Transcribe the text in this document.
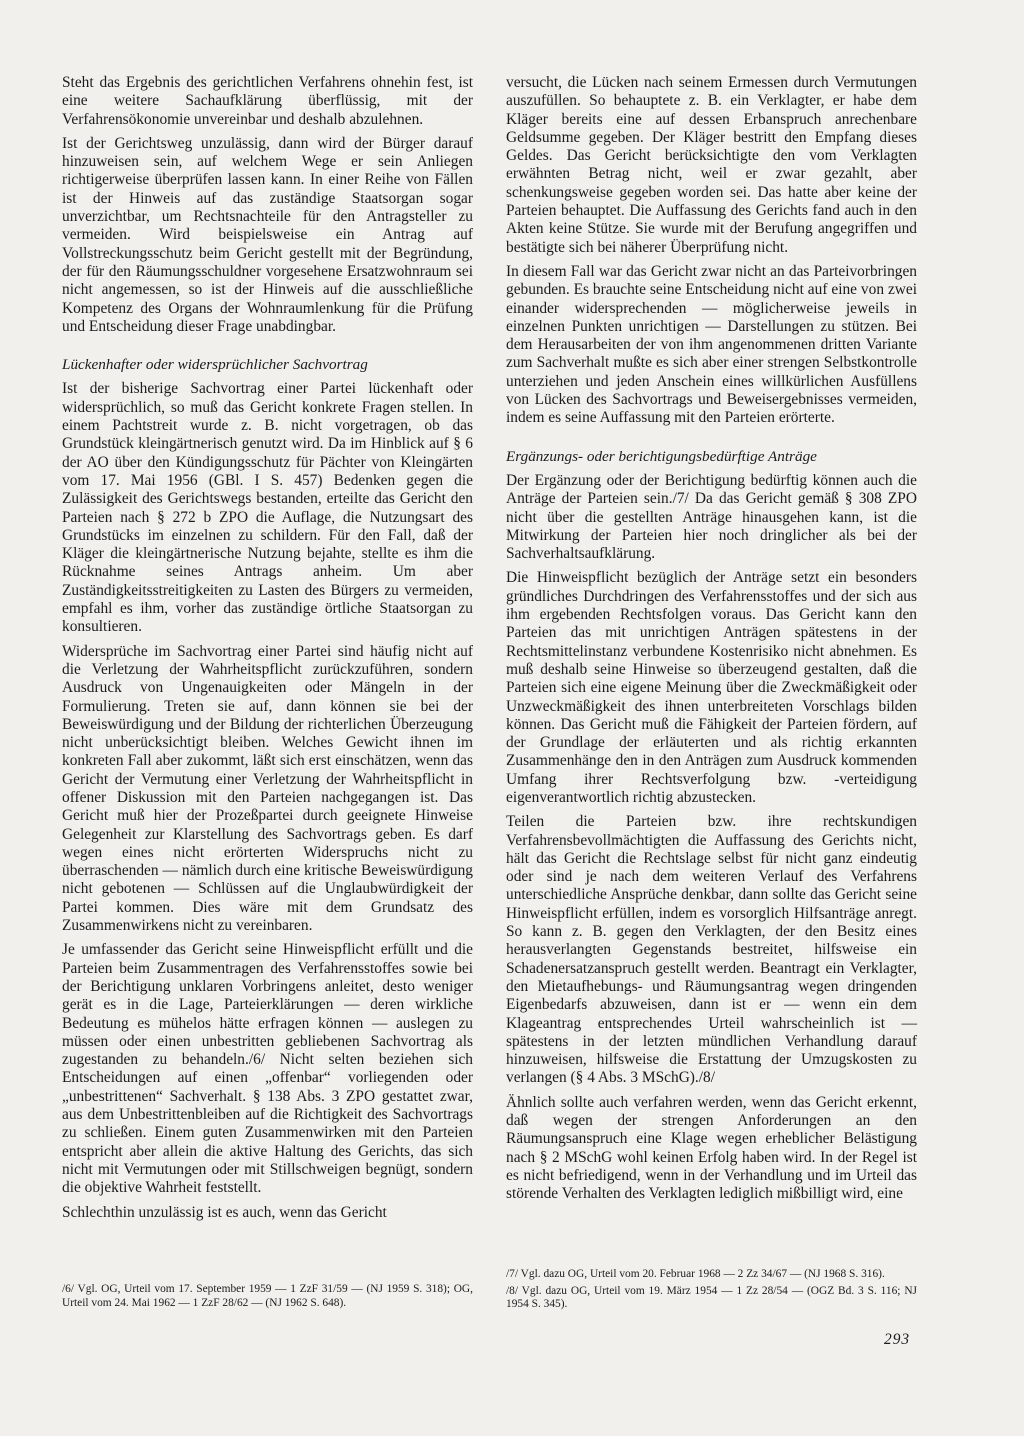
Steht das Ergebnis des gerichtlichen Verfahrens ohnehin fest, ist eine weitere Sachaufklärung überflüssig, mit der Verfahrensökonomie unvereinbar und deshalb abzulehnen.

Ist der Gerichtsweg unzulässig, dann wird der Bürger darauf hinzuweisen sein, auf welchem Wege er sein Anliegen richtigerweise überprüfen lassen kann. In einer Reihe von Fällen ist der Hinweis auf das zuständige Staatsorgan sogar unverzichtbar, um Rechtsnachteile für den Antragsteller zu vermeiden. Wird beispielsweise ein Antrag auf Vollstreckungsschutz beim Gericht gestellt mit der Begründung, der für den Räumungsschuldner vorgesehene Ersatzwohnraum sei nicht angemessen, so ist der Hinweis auf die ausschließliche Kompetenz des Organs der Wohnraumlenkung für die Prüfung und Entscheidung dieser Frage unabdingbar.

Lückenhafter oder widersprüchlicher Sachvortrag

Ist der bisherige Sachvortrag einer Partei lückenhaft oder widersprüchlich, so muß das Gericht konkrete Fragen stellen. In einem Pachtstreit wurde z. B. nicht vorgetragen, ob das Grundstück kleingärtnerisch genutzt wird. Da im Hinblick auf § 6 der AO über den Kündigungsschutz für Pächter von Kleingärten vom 17. Mai 1956 (GBl. I S. 457) Bedenken gegen die Zulässigkeit des Gerichtswegs bestanden, erteilte das Gericht den Parteien nach § 272 b ZPO die Auflage, die Nutzungsart des Grundstücks im einzelnen zu schildern. Für den Fall, daß der Kläger die kleingärtnerische Nutzung bejahte, stellte es ihm die Rücknahme seines Antrags anheim. Um aber Zuständigkeitsstreitigkeiten zu Lasten des Bürgers zu vermeiden, empfahl es ihm, vorher das zuständige örtliche Staatsorgan zu konsultieren.

Widersprüche im Sachvortrag einer Partei sind häufig nicht auf die Verletzung der Wahrheitspflicht zurückzuführen, sondern Ausdruck von Ungenauigkeiten oder Mängeln in der Formulierung. Treten sie auf, dann können sie bei der Beweiswürdigung und der Bildung der richterlichen Überzeugung nicht unberücksichtigt bleiben. Welches Gewicht ihnen im konkreten Fall aber zukommt, läßt sich erst einschätzen, wenn das Gericht der Vermutung einer Verletzung der Wahrheitspflicht in offener Diskussion mit den Parteien nachgegangen ist. Das Gericht muß hier der Prozeßpartei durch geeignete Hinweise Gelegenheit zur Klarstellung des Sachvortrags geben. Es darf wegen eines nicht erörterten Widerspruchs nicht zu überraschenden — nämlich durch eine kritische Beweiswürdigung nicht gebotenen — Schlüssen auf die Unglaubwürdigkeit der Partei kommen. Dies wäre mit dem Grundsatz des Zusammenwirkens nicht zu vereinbaren.

Je umfassender das Gericht seine Hinweispflicht erfüllt und die Parteien beim Zusammentragen des Verfahrensstoffes sowie bei der Berichtigung unklaren Vorbringens anleitet, desto weniger gerät es in die Lage, Parteierklärungen — deren wirkliche Bedeutung es mühelos hätte erfragen können — auslegen zu müssen oder einen unbestritten gebliebenen Sachvortrag als zugestanden zu behandeln./6/ Nicht selten beziehen sich Entscheidungen auf einen „offenbar“ vorliegenden oder „unbestrittenen“ Sachverhalt. § 138 Abs. 3 ZPO gestattet zwar, aus dem Unbestrittenbleiben auf die Richtigkeit des Sachvortrags zu schließen. Einem guten Zusammenwirken mit den Parteien entspricht aber allein die aktive Haltung des Gerichts, das sich nicht mit Vermutungen oder mit Stillschweigen begnügt, sondern die objektive Wahrheit feststellt.

Schlechthin unzulässig ist es auch, wenn das Gericht

/6/ Vgl. OG, Urteil vom 17. September 1959 — 1 ZzF 31/59 — (NJ 1959 S. 318); OG, Urteil vom 24. Mai 1962 — 1 ZzF 28/62 — (NJ 1962 S. 648).

versucht, die Lücken nach seinem Ermessen durch Vermutungen auszufüllen. So behauptete z. B. ein Verklagter, er habe dem Kläger bereits eine auf dessen Erbanspruch anrechenbare Geldsumme gegeben. Der Kläger bestritt den Empfang dieses Geldes. Das Gericht berücksichtigte den vom Verklagten erwähnten Betrag nicht, weil er zwar gezahlt, aber schenkungsweise gegeben worden sei. Das hatte aber keine der Parteien behauptet. Die Auffassung des Gerichts fand auch in den Akten keine Stütze. Sie wurde mit der Berufung angegriffen und bestätigte sich bei näherer Überprüfung nicht.

In diesem Fall war das Gericht zwar nicht an das Parteivorbringen gebunden. Es brauchte seine Entscheidung nicht auf eine von zwei einander widersprechenden — möglicherweise jeweils in einzelnen Punkten unrichtigen — Darstellungen zu stützen. Bei dem Herausarbeiten der von ihm angenommenen dritten Variante zum Sachverhalt mußte es sich aber einer strengen Selbstkontrolle unterziehen und jeden Anschein eines willkürlichen Ausfüllens von Lücken des Sachvortrags und Beweisergebnisses vermeiden, indem es seine Auffassung mit den Parteien erörterte.

Ergänzungs- oder berichtigungsbedürftige Anträge

Der Ergänzung oder der Berichtigung bedürftig können auch die Anträge der Parteien sein./7/ Da das Gericht gemäß § 308 ZPO nicht über die gestellten Anträge hinausgehen kann, ist die Mitwirkung der Parteien hier noch dringlicher als bei der Sachverhaltsaufklärung.

Die Hinweispflicht bezüglich der Anträge setzt ein besonders gründliches Durchdringen des Verfahrensstoffes und der sich aus ihm ergebenden Rechtsfolgen voraus. Das Gericht kann den Parteien das mit unrichtigen Anträgen spätestens in der Rechtsmittelinstanz verbundene Kostenrisiko nicht abnehmen. Es muß deshalb seine Hinweise so überzeugend gestalten, daß die Parteien sich eine eigene Meinung über die Zweckmäßigkeit oder Unzweckmäßigkeit des ihnen unterbreiteten Vorschlags bilden können. Das Gericht muß die Fähigkeit der Parteien fördern, auf der Grundlage der erläuterten und als richtig erkannten Zusammenhänge den in den Anträgen zum Ausdruck kommenden Umfang ihrer Rechtsverfolgung bzw. -verteidigung eigenverantwortlich richtig abzustecken.

Teilen die Parteien bzw. ihre rechtskundigen Verfahrensbevollmächtigten die Auffassung des Gerichts nicht, hält das Gericht die Rechtslage selbst für nicht ganz eindeutig oder sind je nach dem weiteren Verlauf des Verfahrens unterschiedliche Ansprüche denkbar, dann sollte das Gericht seine Hinweispflicht erfüllen, indem es vorsorglich Hilfsanträge anregt. So kann z. B. gegen den Verklagten, der den Besitz eines herausverlangten Gegenstands bestreitet, hilfsweise ein Schadenersatzanspruch gestellt werden. Beantragt ein Verklagter, den Mietaufhebungs- und Räumungsantrag wegen dringenden Eigenbedarfs abzuweisen, dann ist er — wenn ein dem Klageantrag entsprechendes Urteil wahrscheinlich ist — spätestens in der letzten mündlichen Verhandlung darauf hinzuweisen, hilfsweise die Erstattung der Umzugskosten zu verlangen (§ 4 Abs. 3 MSchG)./8/

Ähnlich sollte auch verfahren werden, wenn das Gericht erkennt, daß wegen der strengen Anforderungen an den Räumungsanspruch eine Klage wegen erheblicher Belästigung nach § 2 MSchG wohl keinen Erfolg haben wird. In der Regel ist es nicht befriedigend, wenn in der Verhandlung und im Urteil das störende Verhalten des Verklagten lediglich mißbilligt wird, eine

/7/ Vgl. dazu OG, Urteil vom 20. Februar 1968 — 2 Zz 34/67 — (NJ 1968 S. 316).
/8/ Vgl. dazu OG, Urteil vom 19. März 1954 — 1 Zz 28/54 — (OGZ Bd. 3 S. 116; NJ 1954 S. 345).
293
